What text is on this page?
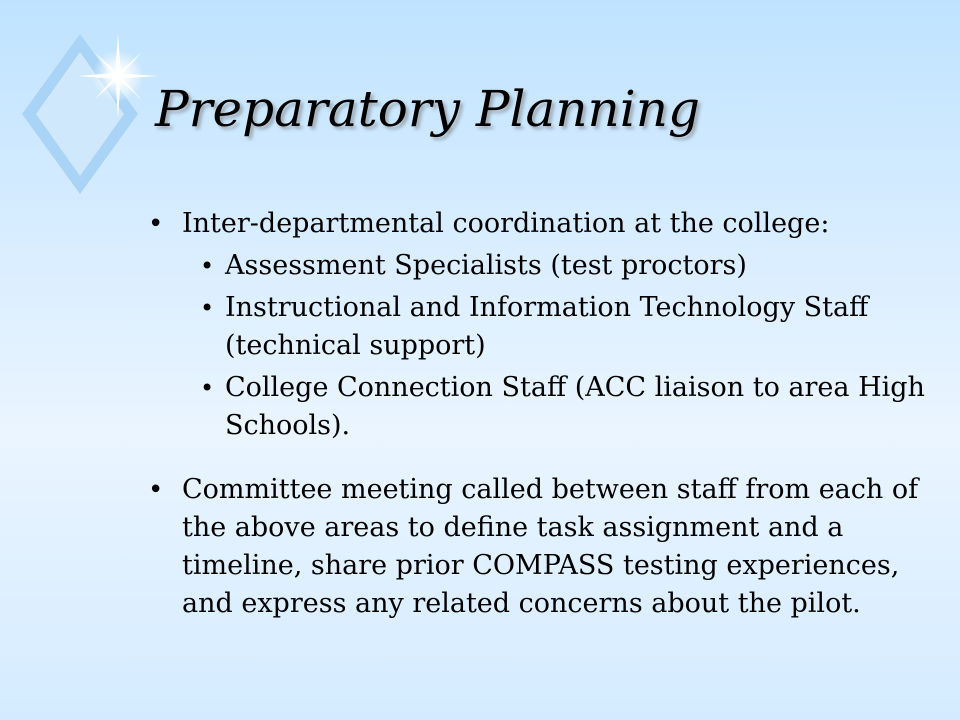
Preparatory Planning
• Inter-departmental coordination at the college:
• Assessment Specialists (test proctors)
• Instructional and Information Technology Staff (technical support)
• College Connection Staff (ACC liaison to area High Schools).
• Committee meeting called between staff from each of the above areas to define task assignment and a timeline, share prior COMPASS testing experiences, and express any related concerns about the pilot.
